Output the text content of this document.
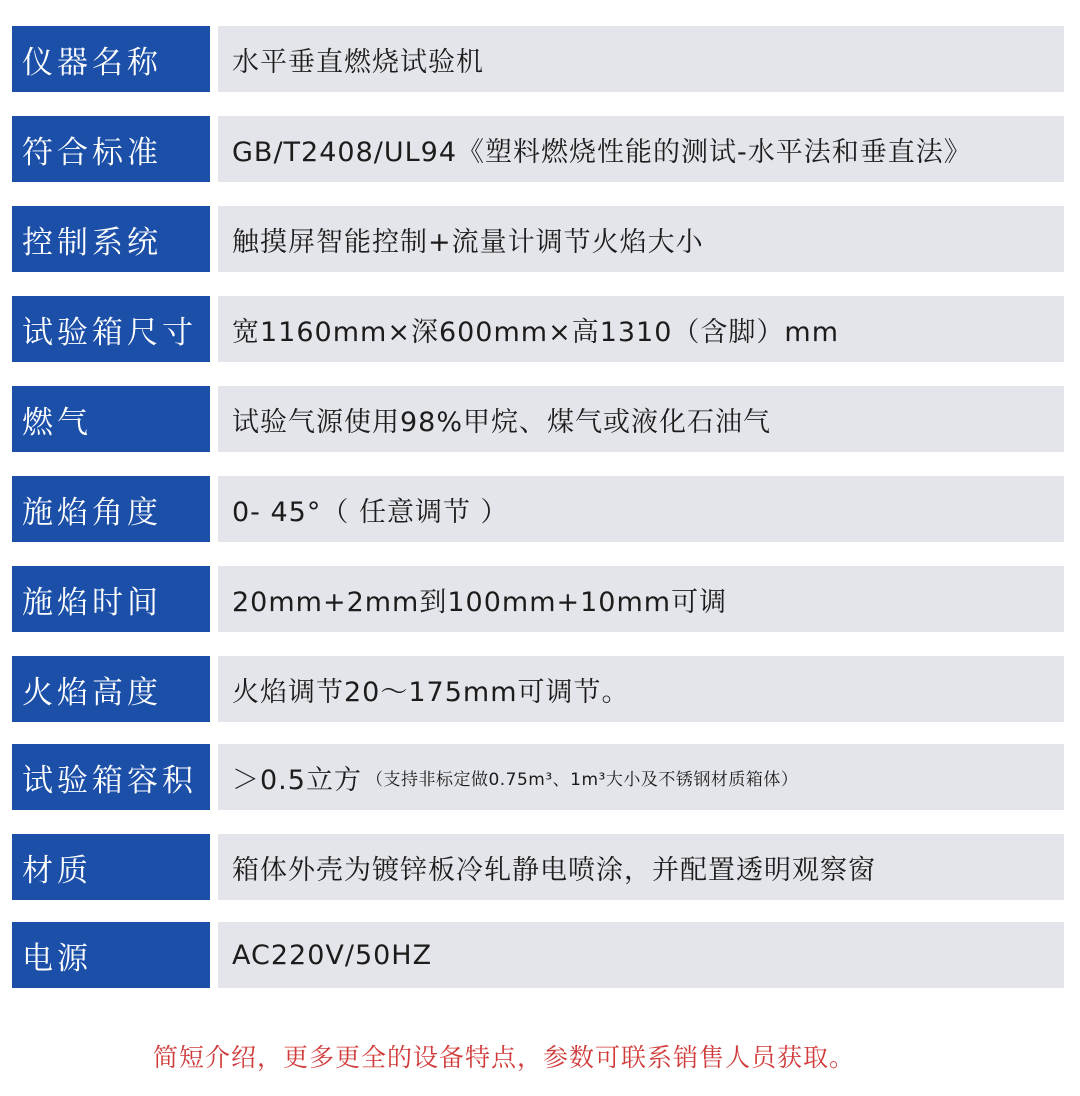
仪器名称	水平垂直燃烧试验机
符合标准	GB/T2408/UL94《塑料燃烧性能的测试-水平法和垂直法》
控制系统	触摸屏智能控制+流量计调节火焰大小
试验箱尺寸	宽1160mm×深600mm×高1310（含脚）mm
燃气	试验气源使用98%甲烷、煤气或液化石油气
施焰角度	0- 45°（ 任意调节 ）
施焰时间	20mm+2mm到100mm+10mm可调
火焰高度	火焰调节20～175mm可调节。
试验箱容积	＞0.5立方 （支持非标定做0.75m³、1m³大小及不锈钢材质箱体）
材质	箱体外壳为镀锌板冷轧静电喷涂，并配置透明观察窗
电源	AC220V/50HZ
简短介绍，更多更全的设备特点，参数可联系销售人员获取。
